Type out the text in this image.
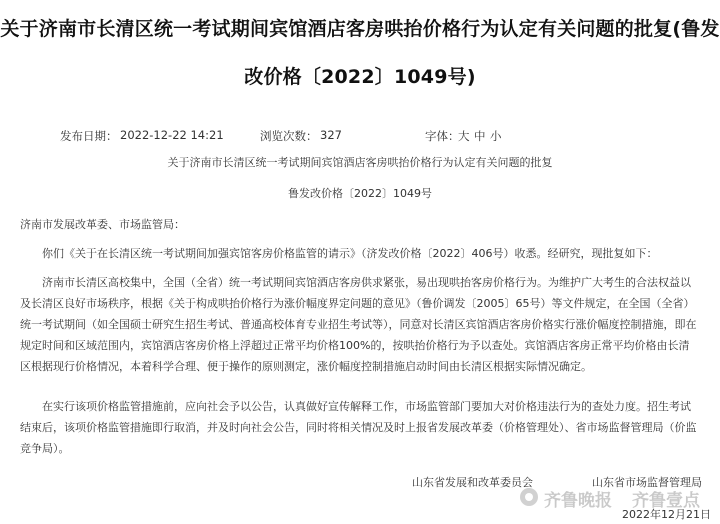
关于济南市长清区统一考试期间宾馆酒店客房哄抬价格行为认定有关问题的批复(鲁发
改价格〔2022〕1049号)
发布日期： 2022-12-22 14:21	浏览次数： 327	字体：
大 中 小
关于济南市长清区统一考试期间宾馆酒店客房哄抬价格行为认定有关问题的批复
鲁发改价格〔2022〕1049号
济南市发展改革委、市场监管局：
你们《关于在长清区统一考试期间加强宾馆客房价格监管的请示》（济发改价格〔2022〕406号）收悉。经研究，现批复如下：
济南市长清区高校集中，全国（全省）统一考试期间宾馆酒店客房供求紧张，易出现哄抬客房价格行为。为维护广大考生的合法权益以及长清区良好市场秩序，根据《关于构成哄抬价格行为涨价幅度界定问题的意见》（鲁价调发〔2005〕65号）等文件规定，在全国（全省）统一考试期间（如全国硕士研究生招生考试、普通高校体育专业招生考试等），同意对长清区宾馆酒店客房价格实行涨价幅度控制措施，即在规定时间和区域范围内，宾馆酒店客房价格上浮超过正常平均价格100%的，按哄抬价格行为予以查处。宾馆酒店客房正常平均价格由长清区根据现行价格情况，本着科学合理、便于操作的原则测定，涨价幅度控制措施启动时间由长清区根据实际情况确定。
在实行该项价格监管措施前，应向社会予以公告，认真做好宣传解释工作，市场监管部门要加大对价格违法行为的查处力度。招生考试结束后，该项价格监管措施即行取消，并及时向社会公告，同时将相关情况及时上报省发展改革委（价格管理处）、省市场监督管理局（价监竞争局）。
山东省发展和改革委员会	山东省市场监督管理局
齐鲁晚报 齐鲁壹点
2022年12月21日
